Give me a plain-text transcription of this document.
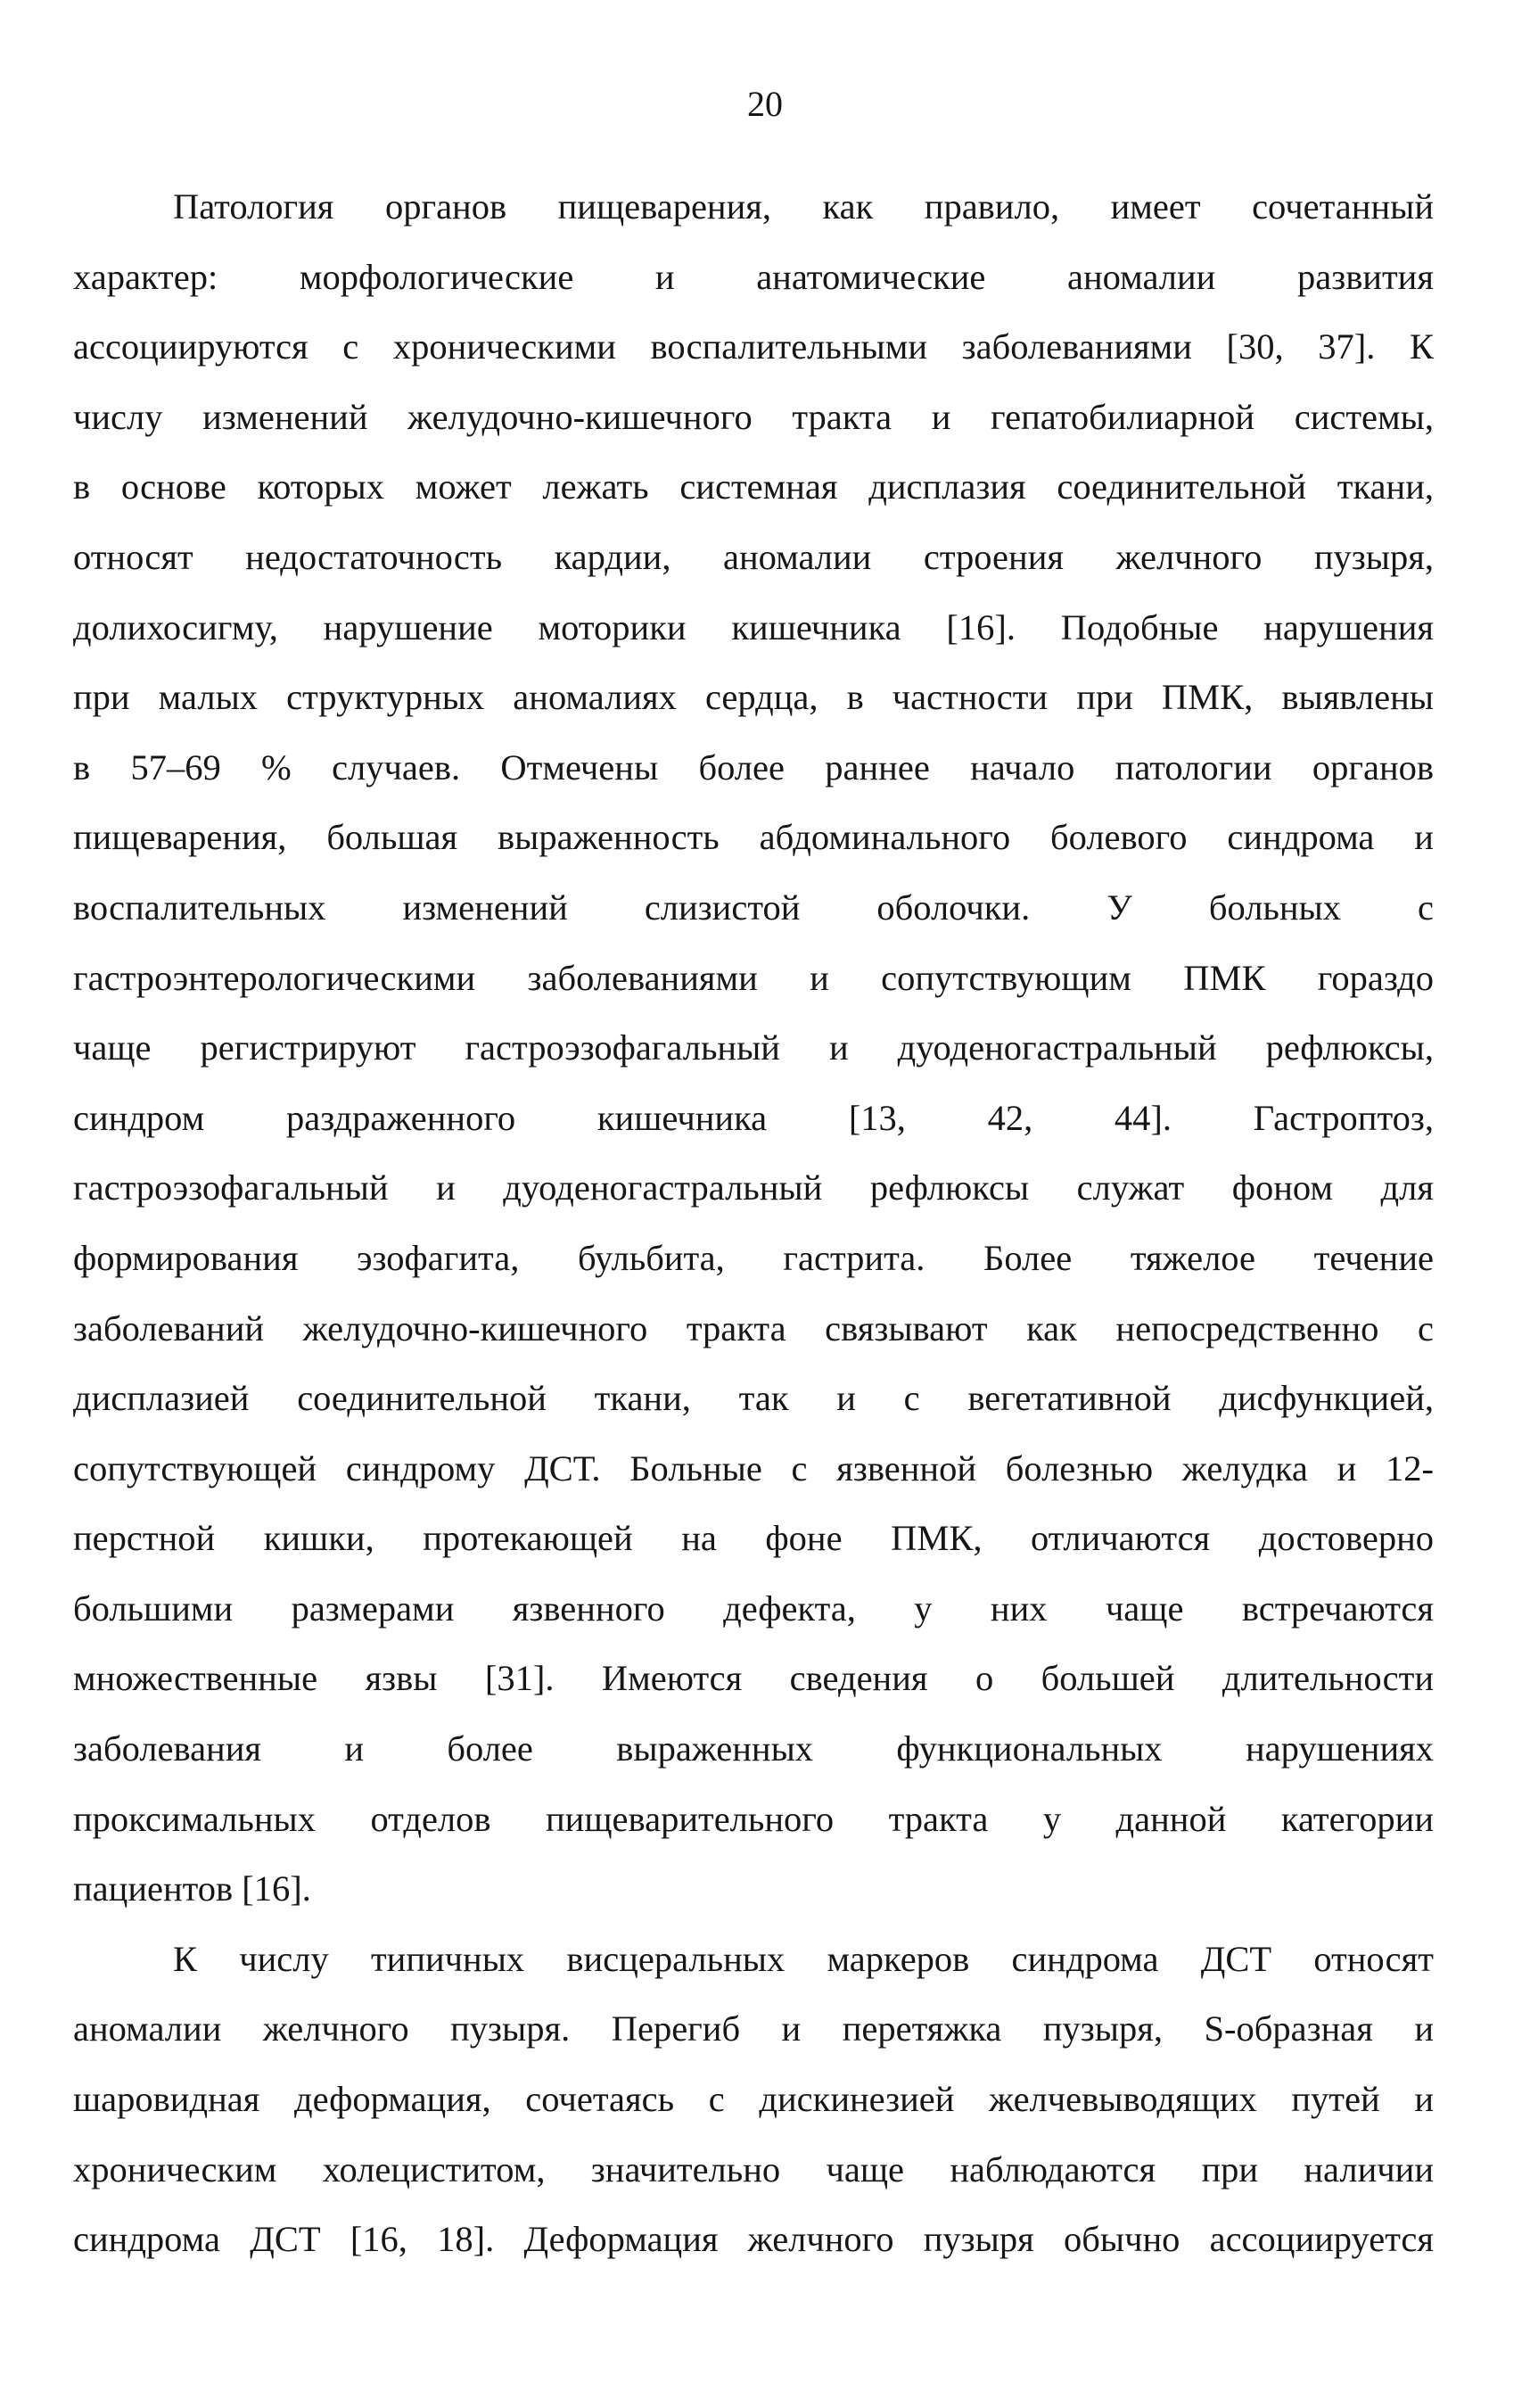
20
Патология органов пищеварения, как правило, имеет сочетанный
характер: морфологические и анатомические аномалии развития
ассоциируются с хроническими воспалительными заболеваниями [30, 37]. К
числу изменений желудочно-кишечного тракта и гепатобилиарной системы,
в основе которых может лежать системная дисплазия соединительной ткани,
относят недостаточность кардии, аномалии строения желчного пузыря,
долихосигму, нарушение моторики кишечника [16]. Подобные нарушения
при малых структурных аномалиях сердца, в частности при ПМК, выявлены
в 57–69 % случаев. Отмечены более раннее начало патологии органов
пищеварения, большая выраженность абдоминального болевого синдрома и
воспалительных изменений слизистой оболочки. У больных с
гастроэнтерологическими заболеваниями и сопутствующим ПМК гораздо
чаще регистрируют гастроэзофагальный и дуоденогастральный рефлюксы,
синдром раздраженного кишечника [13, 42, 44]. Гастроптоз,
гастроэзофагальный и дуоденогастральный рефлюксы служат фоном для
формирования эзофагита, бульбита, гастрита. Более тяжелое течение
заболеваний желудочно-кишечного тракта связывают как непосредственно с
дисплазией соединительной ткани, так и с вегетативной дисфункцией,
сопутствующей синдрому ДСТ. Больные с язвенной болезнью желудка и 12-
перстной кишки, протекающей на фоне ПМК, отличаются достоверно
большими размерами язвенного дефекта, у них чаще встречаются
множественные язвы [31]. Имеются сведения о большей длительности
заболевания и более выраженных функциональных нарушениях
проксимальных отделов пищеварительного тракта у данной категории
пациентов [16].
К числу типичных висцеральных маркеров синдрома ДСТ относят
аномалии желчного пузыря. Перегиб и перетяжка пузыря, S-образная и
шаровидная деформация, сочетаясь с дискинезией желчевыводящих путей и
хроническим холециститом, значительно чаще наблюдаются при наличии
синдрома ДСТ [16, 18]. Деформация желчного пузыря обычно ассоциируется
